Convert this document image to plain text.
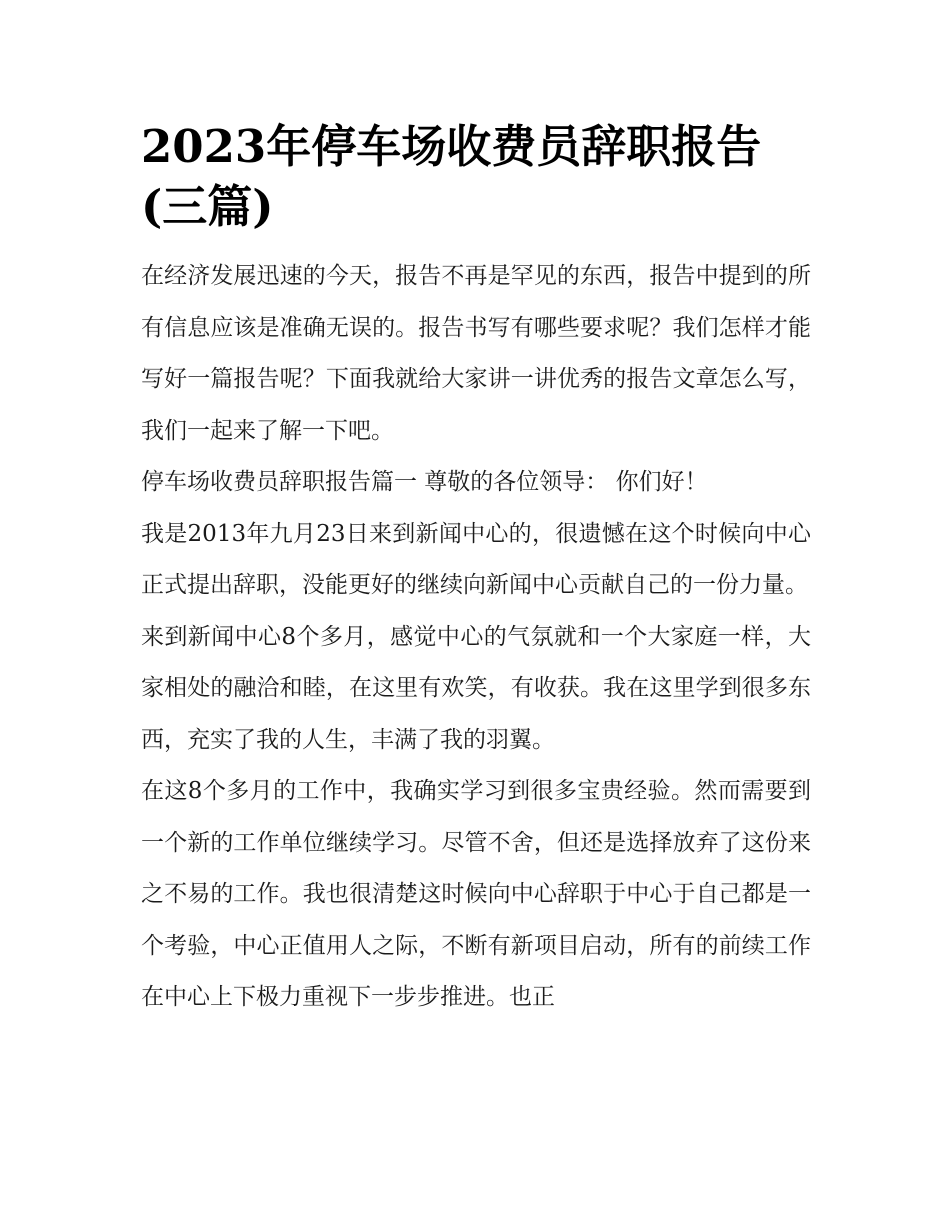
2023年停车场收费员辞职报告(三篇)

在经济发展迅速的今天，报告不再是罕见的东西，报告中提到的所有信息应该是准确无误的。报告书写有哪些要求呢？我们怎样才能写好一篇报告呢？下面我就给大家讲一讲优秀的报告文章怎么写，我们一起来了解一下吧。

停车场收费员辞职报告篇一 尊敬的各位领导： 你们好！

我是2013年九月23日来到新闻中心的，很遗憾在这个时候向中心正式提出辞职，没能更好的继续向新闻中心贡献自己的一份力量。

来到新闻中心8个多月，感觉中心的气氛就和一个大家庭一样，大家相处的融洽和睦，在这里有欢笑，有收获。我在这里学到很多东西，充实了我的人生，丰满了我的羽翼。

在这8个多月的工作中，我确实学习到很多宝贵经验。然而需要到一个新的工作单位继续学习。尽管不舍，但还是选择放弃了这份来之不易的工作。我也很清楚这时候向中心辞职于中心于自己都是一个考验，中心正值用人之际，不断有新项目启动，所有的前续工作在中心上下极力重视下一步步推进。也正
